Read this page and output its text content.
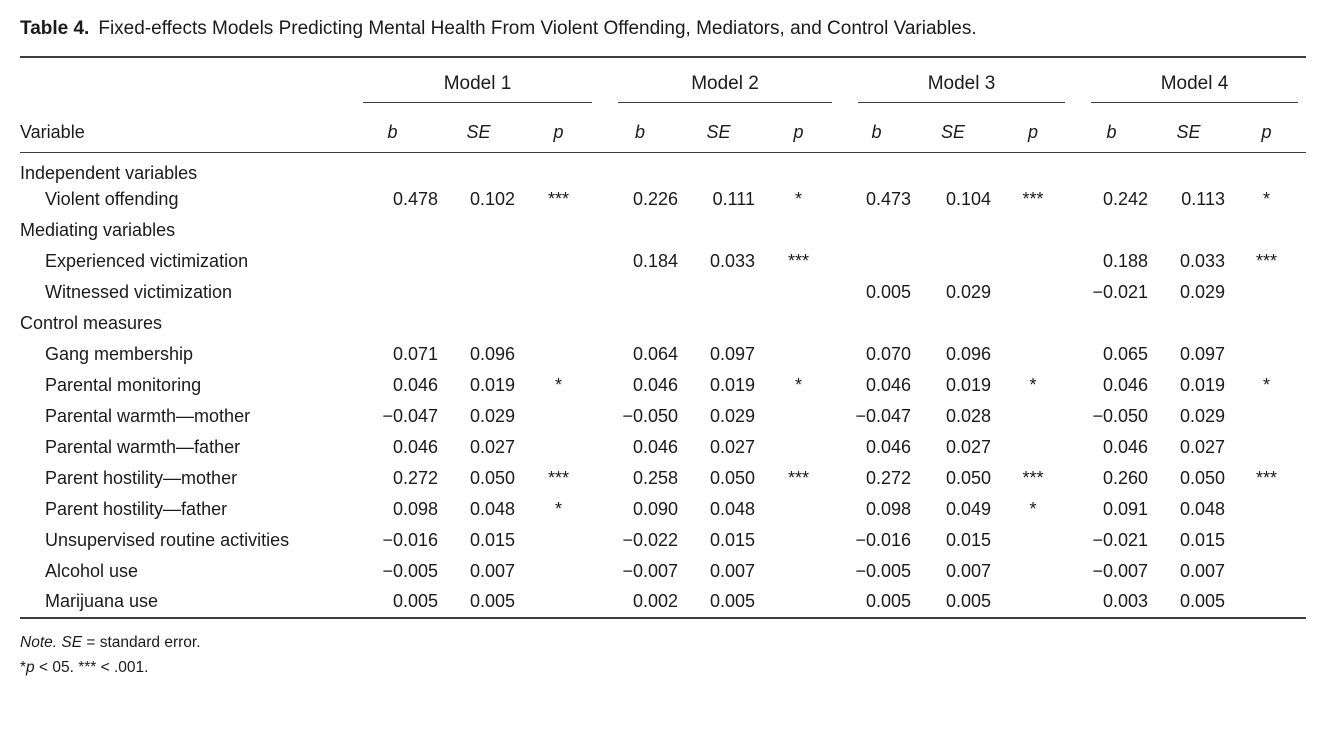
Table 4. Fixed-effects Models Predicting Mental Health From Violent Offending, Mediators, and Control Variables.

	Model 1			Model 2			Model 3			Model 4		

Variable	b	SE	p	b	SE	p	b	SE	p	b	SE	p
Independent variables												
Violent offending	0.478	0.102	***	0.226	0.111	*	0.473	0.104	***	0.242	0.113	*
Mediating variables												
Experienced victimization				0.184	0.033	***				0.188	0.033	***
Witnessed victimization							0.005	0.029		−0.021	0.029	
Control measures												
Gang membership	0.071	0.096		0.064	0.097		0.070	0.096		0.065	0.097	
Parental monitoring	0.046	0.019	*	0.046	0.019	*	0.046	0.019	*	0.046	0.019	*
Parental warmth—mother	−0.047	0.029		−0.050	0.029		−0.047	0.028		−0.050	0.029	
Parental warmth—father	0.046	0.027		0.046	0.027		0.046	0.027		0.046	0.027	
Parent hostility—mother	0.272	0.050	***	0.258	0.050	***	0.272	0.050	***	0.260	0.050	***
Parent hostility—father	0.098	0.048	*	0.090	0.048		0.098	0.049	*	0.091	0.048	
Unsupervised routine activities	−0.016	0.015		−0.022	0.015		−0.016	0.015		−0.021	0.015	
Alcohol use	−0.005	0.007		−0.007	0.007		−0.005	0.007		−0.007	0.007	
Marijuana use	0.005	0.005		0.002	0.005		0.005	0.005		0.003	0.005	

Note. SE = standard error.

*p < 05. *** < .001.
